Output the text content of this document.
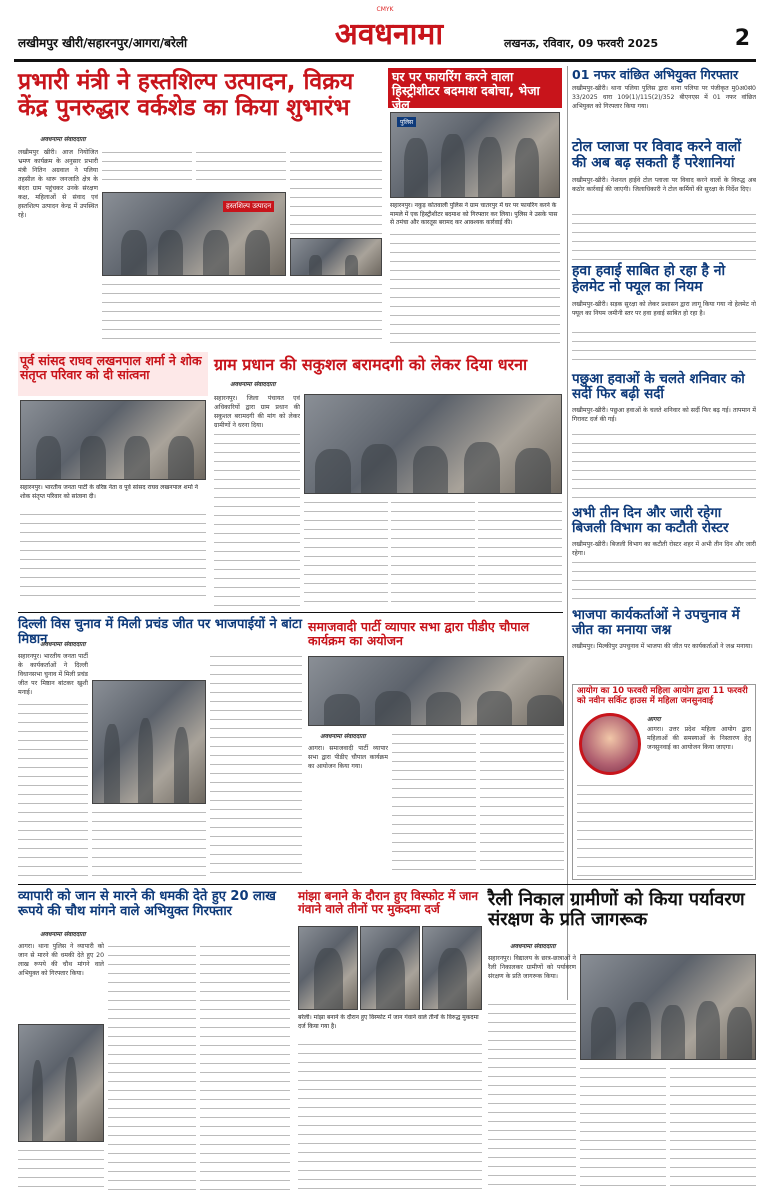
CMYK
लखीमपुर खीरी/सहारनपुर/आगरा/बरेली	अवधनामा	लखनऊ, रविवार, 09 फरवरी 2025	2
प्रभारी मंत्री ने हस्तशिल्प उत्पादन, विक्रय केंद्र पुनरुद्धार वर्कशेड का किया शुभारंभ
अवधनामा संवाददाता
लखीमपुर खीरी। आज नियोजित भ्रमण कार्यक्रम के अनुसार प्रभारी मंत्री नितिन अग्रवाल ने पलिया तहसील के थारू जनजाति क्षेत्र के बंदरा ग्राम पहुंचकर उनके संरक्षण कक्ष, महिलाओं से संवाद एवं हस्तशिल्प उत्पादन केन्द्र में उपस्थित रहे।
हस्तशिल्प उत्पादन
घर पर फायरिंग करने वाला हिस्ट्रीशीटर बदमाश दबोचा, भेजा जेल
पुलिस
सहारनपुर। नकुड़ कोतवाली पुलिस ने ग्राम चातरपुर में घर पर फायरिंग करने के मामले में एक हिस्ट्रीशीटर बदमाश को गिरफ्तार कर लिया। पुलिस ने उसके पास से तमंचा और कारतूस बरामद कर आवश्यक कार्रवाई की।
01 नफर वांछित अभियुक्त गिरफ्तार
लखीमपुर-खीरी। थाना पलिया पुलिस द्वारा थाना पलिया पर पंजीकृत मु0अ0सं0 33/2025 धारा 109(1)/115(2)/352 बीएनएस में 01 नफर वांछित अभियुक्त को गिरफ्तार किया गया।
टोल प्लाजा पर विवाद करने वालों की अब बढ़ सकती हैं परेशानियां
लखीमपुर-खीरी। नेशनल हाईवे टोल प्लाजा पर विवाद करने वालों के विरुद्ध अब कठोर कार्रवाई की जाएगी। जिलाधिकारी ने टोल कर्मियों की सुरक्षा के निर्देश दिए।
हवा हवाई साबित हो रहा है नो हेलमेट नो फ्यूल का नियम
लखीमपुर-खीरी। सड़क सुरक्षा को लेकर प्रशासन द्वारा लागू किया गया नो हेलमेट नो फ्यूल का नियम जमीनी स्तर पर हवा हवाई साबित हो रहा है।
पूर्व सांसद राघव लखनपाल शर्मा ने शोक संतृप्त परिवार को दी सांत्वना
सहारनपुर। भारतीय जनता पार्टी के वरिष्ठ नेता व पूर्व सांसद राघव लखनपाल शर्मा ने शोक संतृप्त परिवार को सांत्वना दी।
ग्राम प्रधान की सकुशल बरामदगी को लेकर दिया धरना
अवधनामा संवाददाता
सहारनपुर। जिला पंचायत एवं अधिकारियों द्वारा ग्राम प्रधान की सकुशल बरामदगी की मांग को लेकर ग्रामीणों ने धरना दिया।
पछुआ हवाओं के चलते शनिवार को सर्दी फिर बढ़ी सर्दी
लखीमपुर-खीरी। पछुआ हवाओं के चलते शनिवार को सर्दी फिर बढ़ गई। तापमान में गिरावट दर्ज की गई।
अभी तीन दिन और जारी रहेगा बिजली विभाग का कटौती रोस्टर
लखीमपुर-खीरी। बिजली विभाग का कटौती रोस्टर शहर में अभी तीन दिन और जारी रहेगा।
भाजपा कार्यकर्ताओं ने उपचुनाव में जीत का मनाया जश्न
लखीमपुर। मिल्कीपुर उपचुनाव में भाजपा की जीत पर कार्यकर्ताओं ने जश्न मनाया।
आयोग का 10 फरवरी महिला आयोग द्वारा 11 फरवरी को नवीन सर्किट हाउस में महिला जनसुनवाई
आगरा
आगरा। उत्तर प्रदेश महिला आयोग द्वारा महिलाओं की समस्याओं के निस्तारण हेतु जनसुनवाई का आयोजन किया जाएगा।
दिल्ली विस चुनाव में मिली प्रचंड जीत पर भाजपाईयों ने बांटा मिष्ठान
अवधनामा संवाददाता
सहारनपुर। भारतीय जनता पार्टी के कार्यकर्ताओं ने दिल्ली विधानसभा चुनाव में मिली प्रचंड जीत पर मिष्ठान बांटकर खुशी मनाई।
समाजवादी पार्टी व्यापार सभा द्वारा पीडीए चौपाल कार्यक्रम का अयोजन
अवधनामा संवाददाता
आगरा। समाजवादी पार्टी व्यापार सभा द्वारा पीडीए चौपाल कार्यक्रम का आयोजन किया गया।
व्यापारी को जान से मारने की धमकी देते हुए 20 लाख रूपये की चौथ मांगने वाले अभियुक्त गिरफ्तार
अवधनामा संवाददाता
आगरा। थाना पुलिस ने व्यापारी को जान से मारने की धमकी देते हुए 20 लाख रूपये की चौथ मांगने वाले अभियुक्त को गिरफ्तार किया।
मांझा बनाने के दौरान हुए विस्फोट में जान गंवाने वाले तीनों पर मुकदमा दर्ज
बरेली। मांझा बनाने के दौरान हुए विस्फोट में जान गंवाने वाले तीनों के विरुद्ध मुकदमा दर्ज किया गया है।
रैली निकाल ग्रामीणों को किया पर्यावरण संरक्षण के प्रति जागरूक
अवधनामा संवाददाता
सहारनपुर। विद्यालय के छात्र-छात्राओं ने रैली निकालकर ग्रामीणों को पर्यावरण संरक्षण के प्रति जागरूक किया।
